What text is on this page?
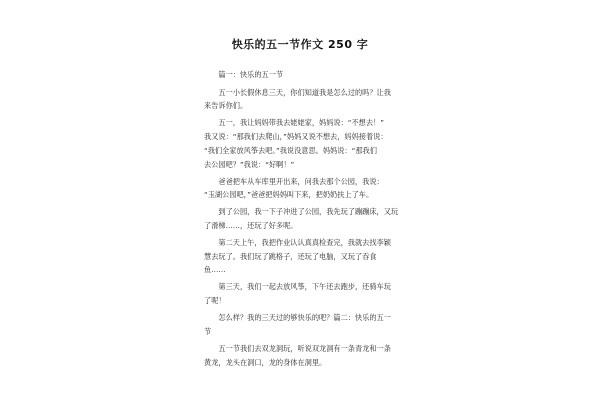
快乐的五一节作文 250 字
　　篇一：快乐的五一节
　　五一小长假休息三天，你们知道我是怎么过的吗？让我
来告诉你们。
　　五一，我让妈妈带我去姥姥家，妈妈说：“不想去！”
我又说：“那我们去爬山，”妈妈又说不想去，妈妈接着说：
“我们全家放风筝去吧。”我说没意思。妈妈说：“那我们
去公园吧？”我说：“好啊！”
　　爸爸把车从车库里开出来，问我去那个公园，我说：
“玉湖公园吧，”爸爸把妈妈叫下来，把奶奶扶上了车。
　　到了公园，我一下子冲进了公园，我先玩了蹦蹦床，又玩
了滑梯……，还玩了好多呢。
　　第二天上午，我把作业认认真真检查完，我就去找李颖
慧去玩了。我们玩了跳格子，还玩了电脑，又玩了吞食
鱼……
　　第三天，我们一起去放风筝，下午还去跑步，还骑车玩
了呢！
　　怎么样？我的三天过的够快乐的吧？篇二：快乐的五一
节
　　五一节我们去双龙洞玩，听说双龙洞有一条青龙和一条
黄龙，龙头在洞口，龙的身体在洞里。
